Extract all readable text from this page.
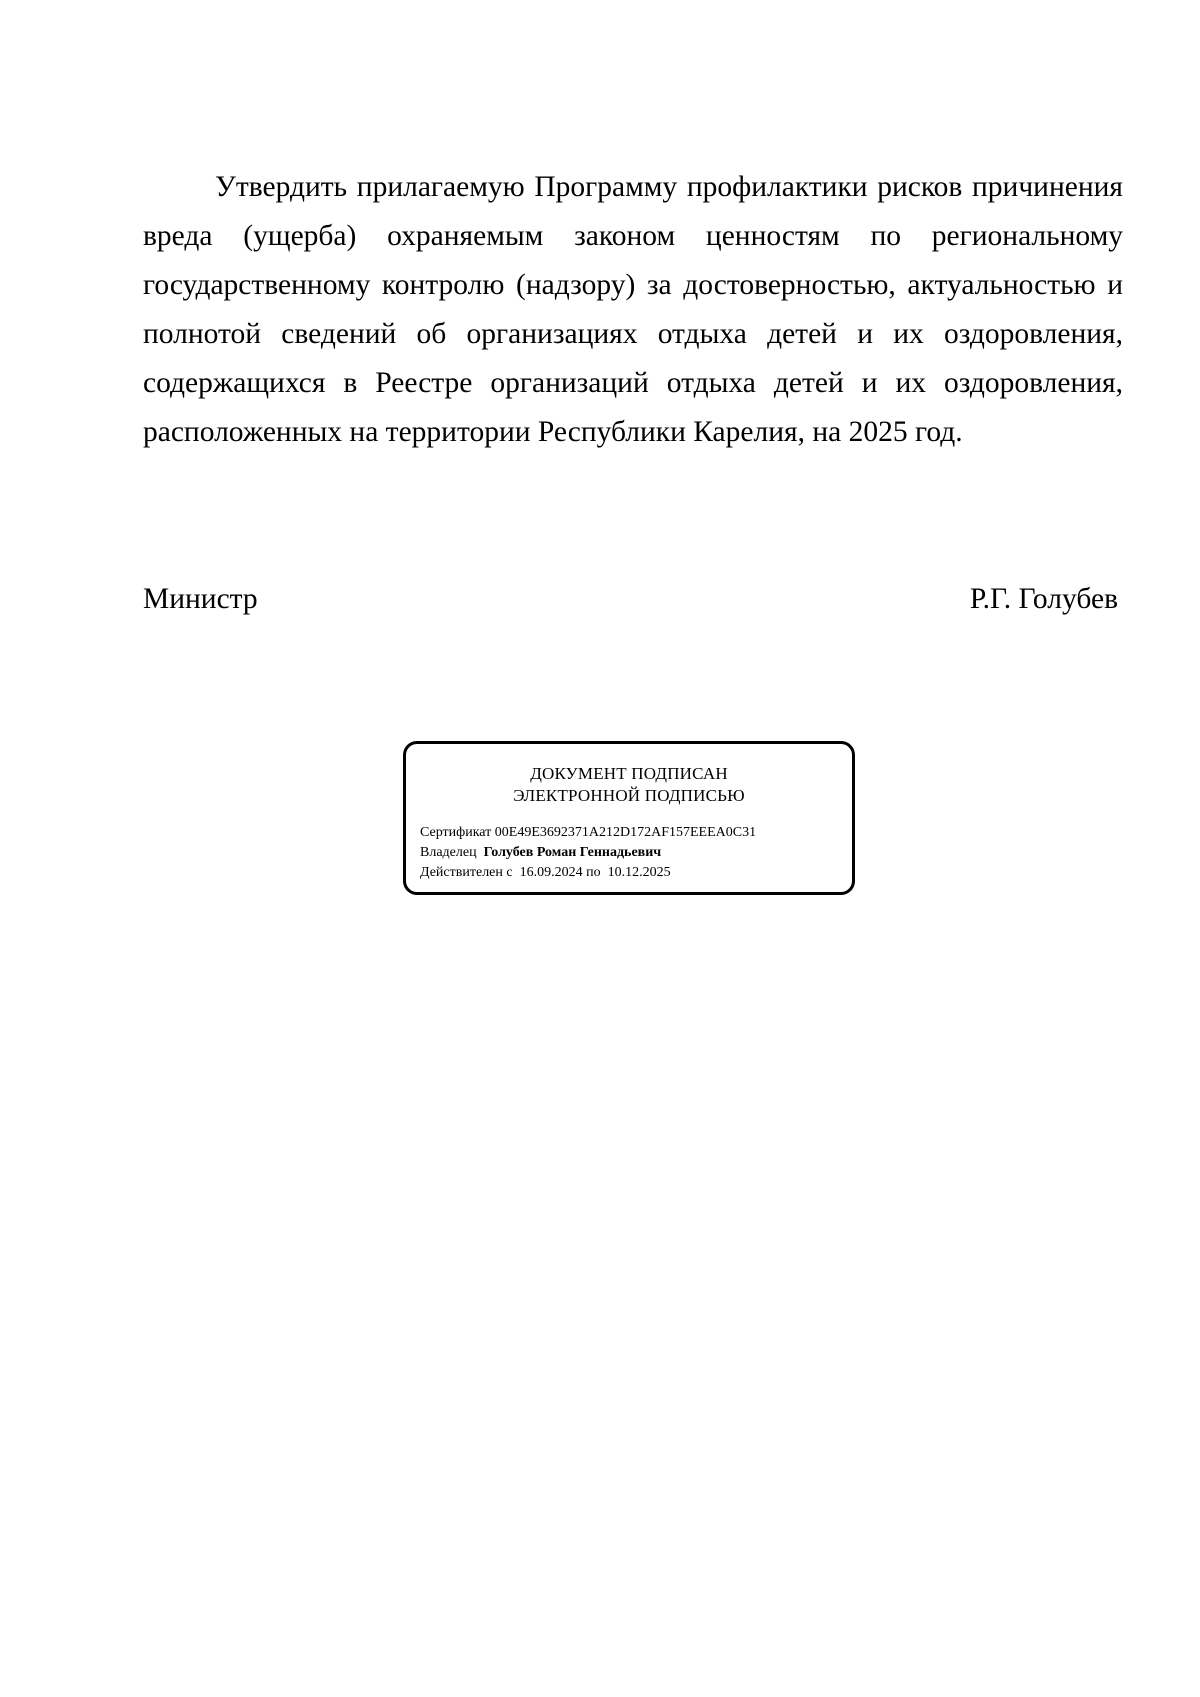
Утвердить прилагаемую Программу профилактики рисков причинения вреда (ущерба) охраняемым законом ценностям по региональному государственному контролю (надзору) за достоверностью, актуальностью и полнотой сведений об организациях отдыха детей и их оздоровления, содержащихся в Реестре организаций отдыха детей и их оздоровления, расположенных на территории Республики Карелия, на 2025 год.

Министр	Р.Г. Голубев
ДОКУМЕНТ ПОДПИСАН
ЭЛЕКТРОННОЙ ПОДПИСЬЮ
Сертификат 00E49E3692371A212D172AF157EEEA0C31
Владелец Голубев Роман Геннадьевич
Действителен с 16.09.2024 по 10.12.2025
